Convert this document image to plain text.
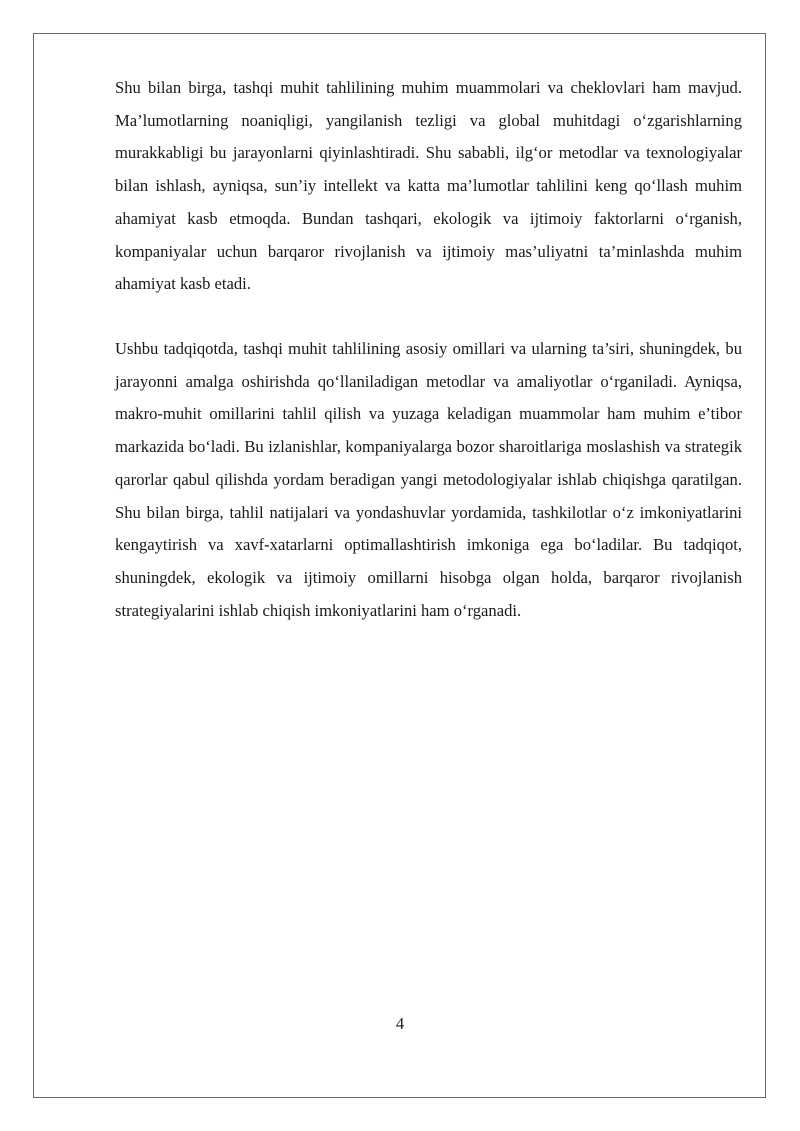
Shu bilan birga, tashqi muhit tahlilining muhim muammolari va cheklovlari ham mavjud. Ma’lumotlarning noaniqligi, yangilanish tezligi va global muhitdagi o‘zgarishlarning murakkabligi bu jarayonlarni qiyinlashtiradi. Shu sababli, ilg‘or metodlar va texnologiyalar bilan ishlash, ayniqsa, sun’iy intellekt va katta ma’lumotlar tahlilini keng qo‘llash muhim ahamiyat kasb etmoqda. Bundan tashqari, ekologik va ijtimoiy faktorlarni o‘rganish, kompaniyalar uchun barqaror rivojlanish va ijtimoiy mas’uliyatni ta’minlashda muhim ahamiyat kasb etadi.

Ushbu tadqiqotda, tashqi muhit tahlilining asosiy omillari va ularning ta’siri, shuningdek, bu jarayonni amalga oshirishda qo‘llaniladigan metodlar va amaliyotlar o‘rganiladi. Ayniqsa, makro-muhit omillarini tahlil qilish va yuzaga keladigan muammolar ham muhim e’tibor markazida bo‘ladi. Bu izlanishlar, kompaniyalarga bozor sharoitlariga moslashish va strategik qarorlar qabul qilishda yordam beradigan yangi metodologiyalar ishlab chiqishga qaratilgan. Shu bilan birga, tahlil natijalari va yondashuvlar yordamida, tashkilotlar o‘z imkoniyatlarini kengaytirish va xavf-xatarlarni optimallashtirish imkoniga ega bo‘ladilar. Bu tadqiqot, shuningdek, ekologik va ijtimoiy omillarni hisobga olgan holda, barqaror rivojlanish strategiyalarini ishlab chiqish imkoniyatlarini ham o‘rganadi.

4
